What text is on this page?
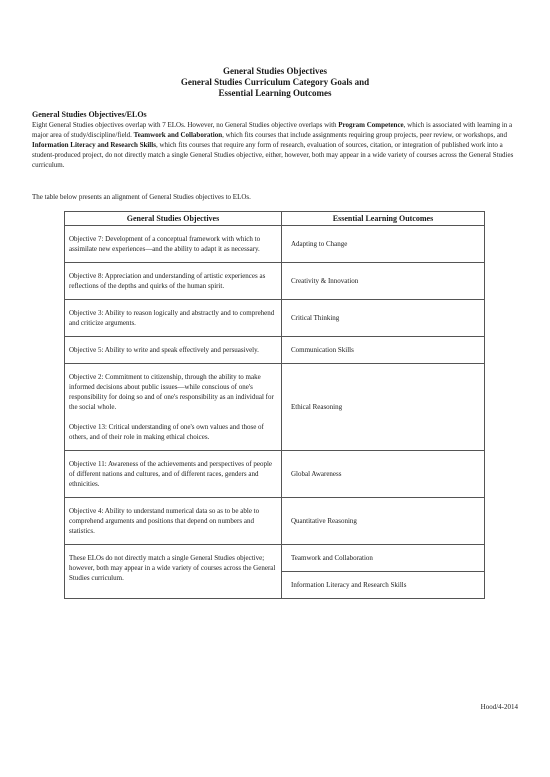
General Studies Objectives
General Studies Curriculum Category Goals and
Essential Learning Outcomes
General Studies Objectives/ELOs
Eight General Studies objectives overlap with 7 ELOs. However, no General Studies objective overlaps with Program Competence, which is associated with learning in a major area of study/discipline/field. Teamwork and Collaboration, which fits courses that include assignments requiring group projects, peer review, or workshops, and Information Literacy and Research Skills, which fits courses that require any form of research, evaluation of sources, citation, or integration of published work into a student-produced project, do not directly match a single General Studies objective, either, however, both may appear in a wide variety of courses across the General Studies curriculum.
The table below presents an alignment of General Studies objectives to ELOs.
General Studies Objectives	Essential Learning Outcomes

Objective 7: Development of a conceptual framework with which to assimilate new experiences—and the ability to adapt it as necessary.	Adapting to Change

Objective 8: Appreciation and understanding of artistic experiences as reflections of the depths and quirks of the human spirit.	Creativity & Innovation

Objective 3: Ability to reason logically and abstractly and to comprehend and criticize arguments.	Critical Thinking

Objective 5: Ability to write and speak effectively and persuasively.	Communication Skills

Objective 2: Commitment to citizenship, through the ability to make informed decisions about public issues—while conscious of one's responsibility for doing so and of one's responsibility as an individual for the social whole.
Objective 13: Critical understanding of one's own values and those of others, and of their role in making ethical choices.	Ethical Reasoning

Objective 11: Awareness of the achievements and perspectives of people of different nations and cultures, and of different races, genders and ethnicities.	Global Awareness

Objective 4: Ability to understand numerical data so as to be able to comprehend arguments and positions that depend on numbers and statistics.	Quantitative Reasoning

These ELOs do not directly match a single General Studies objective; however, both may appear in a wide variety of courses across the General Studies curriculum.	Teamwork and Collaboration
	Information Literacy and Research Skills
Hood/4-2014
